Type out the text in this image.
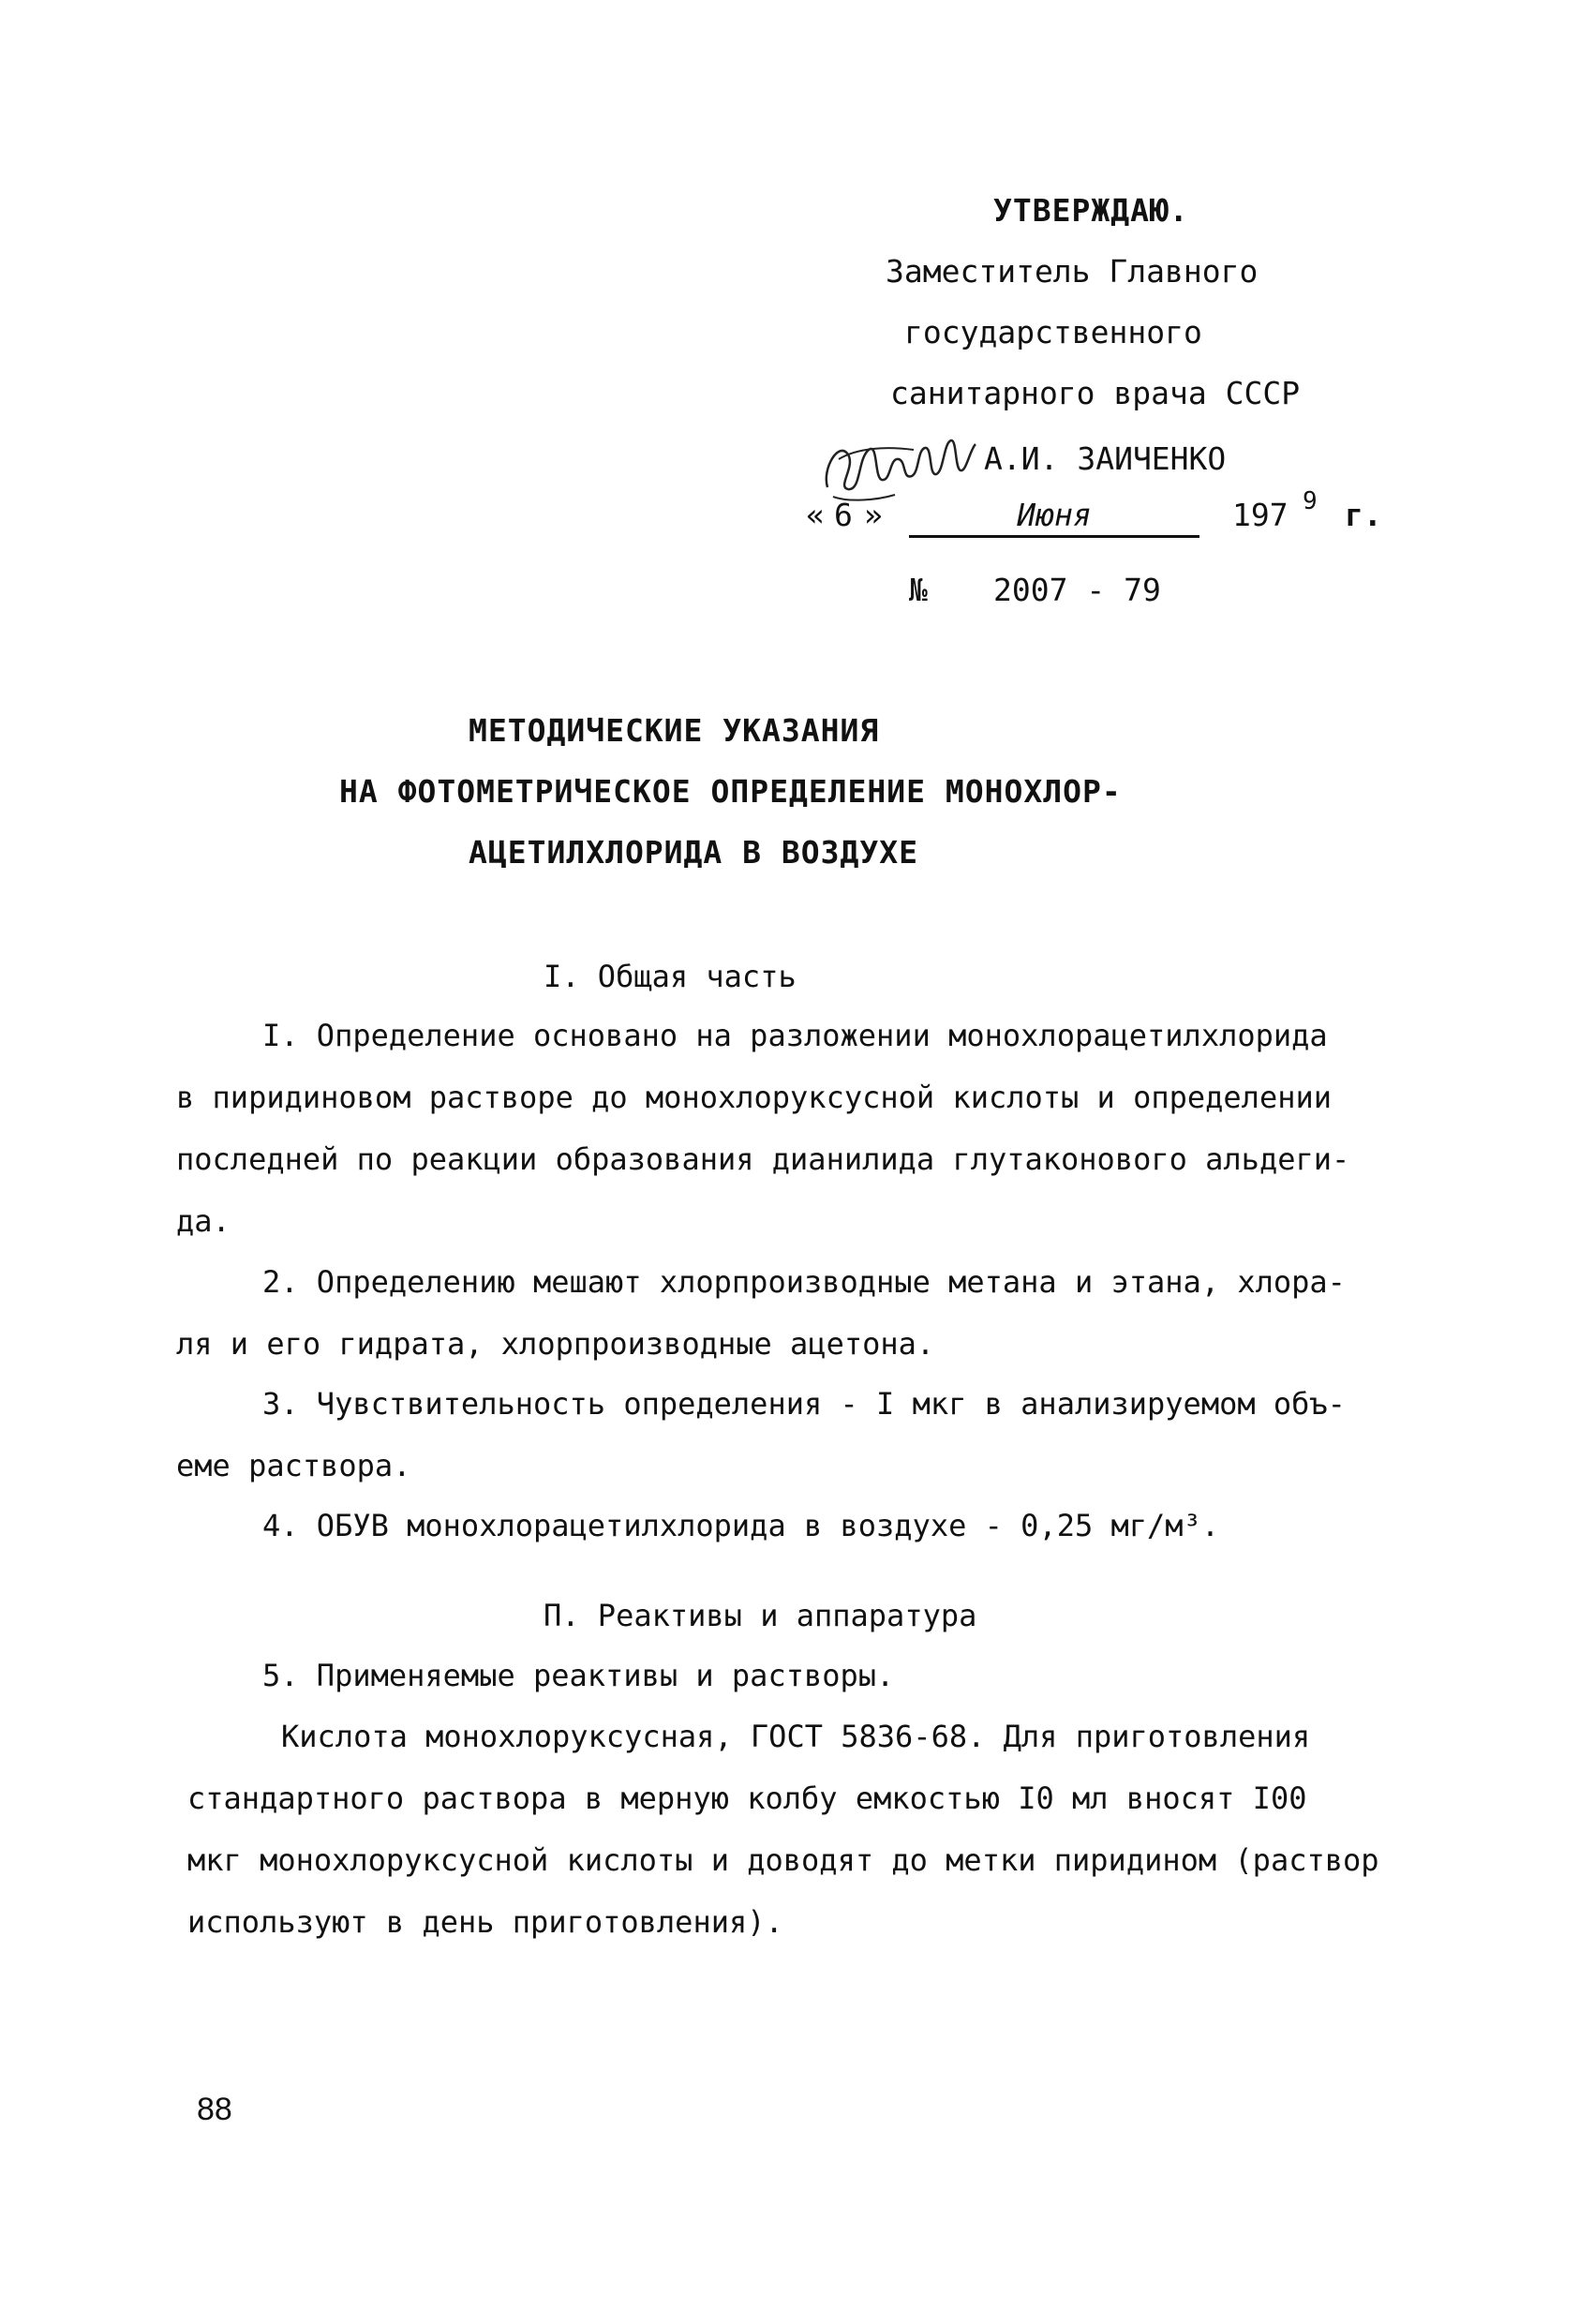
УТВЕРЖДАЮ.
Заместитель Главного
государственного
санитарного врача СССР
А.И. ЗАИЧЕНКО
« 6 »	Июня	197 9 г.
№ 2007 - 79
МЕТОДИЧЕСКИЕ УКАЗАНИЯ
НА ФОТОМЕТРИЧЕСКОЕ ОПРЕДЕЛЕНИЕ МОНОХЛОР-
АЦЕТИЛХЛОРИДА В ВОЗДУХЕ
I. Общая часть
I. Определение основано на разложении монохлорацетилхлорида
в пиридиновом растворе до монохлоруксусной кислоты и определении
последней по реакции образования дианилида глутаконового альдеги-
да.
2. Определению мешают хлорпроизводные метана и этана, хлора-
ля и его гидрата, хлорпроизводные ацетона.
3. Чувствительность определения - I мкг в анализируемом объ-
еме раствора.
4. ОБУВ монохлорацетилхлорида в воздухе - 0,25 мг/м³.
П. Реактивы и аппаратура
5. Применяемые реактивы и растворы.
Кислота монохлоруксусная, ГОСТ 5836-68. Для приготовления
стандартного раствора в мерную колбу емкостью I0 мл вносят I00
мкг монохлоруксусной кислоты и доводят до метки пиридином (раствор
используют в день приготовления).
88
